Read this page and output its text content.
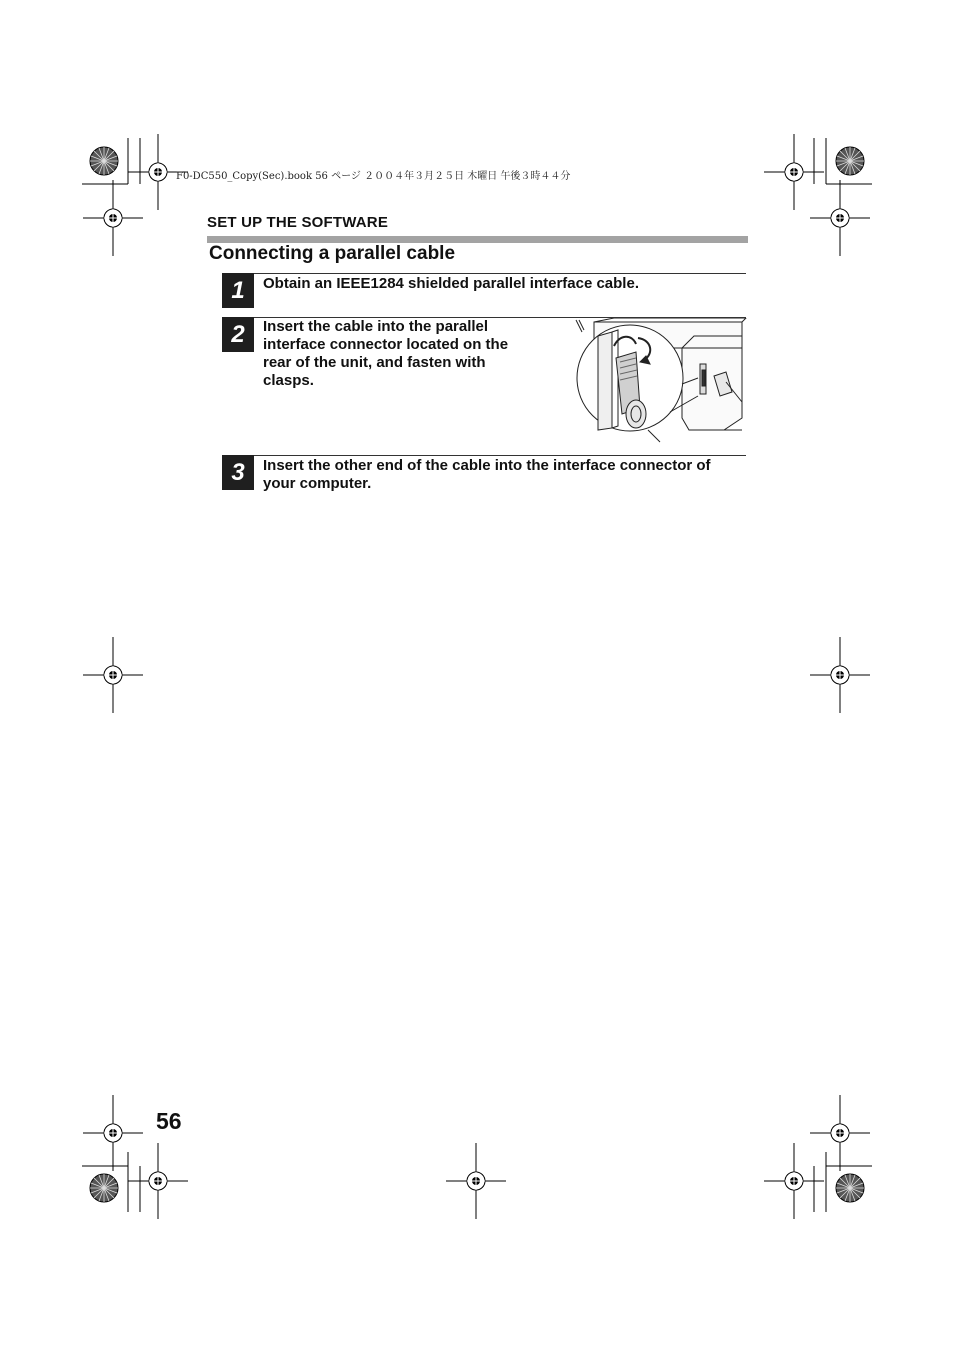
F0-DC550_Copy(Sec).book 56 ページ ２００４年３月２５日 木曜日 午後３時４４分
SET UP THE SOFTWARE
Connecting a parallel cable
1	Obtain an IEEE1284 shielded parallel interface cable.
2	Insert the cable into the parallel
interface connector located on the
rear of the unit, and fasten with
clasps.
3	Insert the other end of the cable into the interface connector of
your computer.
56
